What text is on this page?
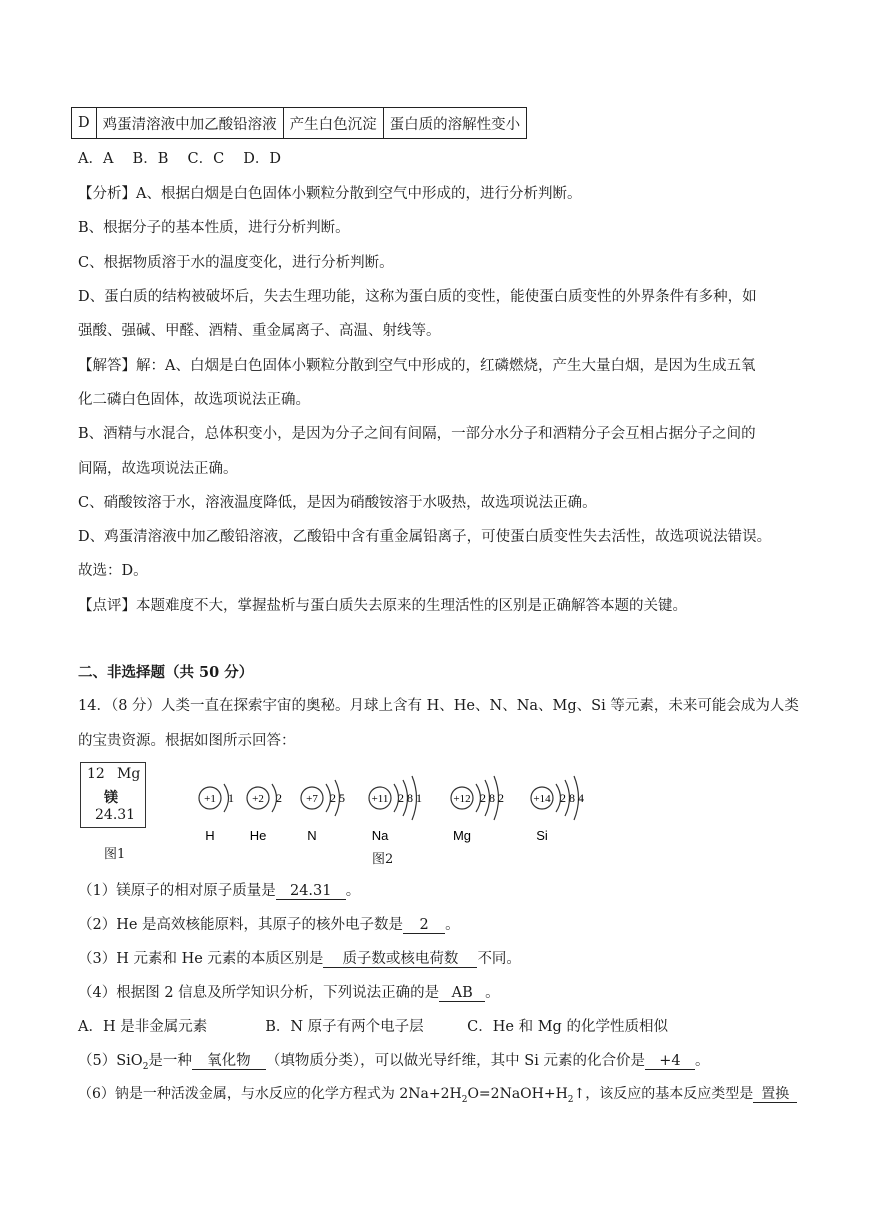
D	鸡蛋清溶液中加乙酸铅溶液	产生白色沉淀	蛋白质的溶解性变小
A．A　 B．B　 C．C　 D．D
【分析】A、根据白烟是白色固体小颗粒分散到空气中形成的，进行分析判断。
B、根据分子的基本性质，进行分析判断。
C、根据物质溶于水的温度变化，进行分析判断。
D、蛋白质的结构被破坏后，失去生理功能，这称为蛋白质的变性，能使蛋白质变性的外界条件有多种，如
强酸、强碱、甲醛、酒精、重金属离子、高温、射线等。
【解答】解：A、白烟是白色固体小颗粒分散到空气中形成的，红磷燃烧，产生大量白烟，是因为生成五氧
化二磷白色固体，故选项说法正确。
B、酒精与水混合，总体积变小，是因为分子之间有间隔，一部分水分子和酒精分子会互相占据分子之间的
间隔，故选项说法正确。
C、硝酸铵溶于水，溶液温度降低，是因为硝酸铵溶于水吸热，故选项说法正确。
D、鸡蛋清溶液中加乙酸铅溶液，乙酸铅中含有重金属铅离子，可使蛋白质变性失去活性，故选项说法错误。
故选：D。
【点评】本题难度不大，掌握盐析与蛋白质失去原来的生理活性的区别是正确解答本题的关键。
二、非选择题（共 50 分）
14．（8 分）人类一直在探索宇宙的奥秘。月球上含有 H、He、N、Na、Mg、Si 等元素，未来可能会成为人类
的宝贵资源。根据如图所示回答：
12 Mg
镁
24.31
图1
+1 1
H
+2 2
He
+7 2 5
N
+11 2 8 1
Na
+12 2 8 2
Mg
+14 2 8 4
Si
图2
（1）镁原子的相对原子质量是 24.31 。
（2）He 是高效核能原料，其原子的核外电子数是 2 。
（3）H 元素和 He 元素的本质区别是 质子数或核电荷数 不同。
（4）根据图 2 信息及所学知识分析，下列说法正确的是 AB 。
A．H 是非金属元素　　　　B．N 原子有两个电子层　　　C．He 和 Mg 的化学性质相似
（5）SiO$_2$是一种 氧化物 （填物质分类），可以做光导纤维，其中 Si 元素的化合价是 +4 。
（6）钠是一种活泼金属，与水反应的化学方程式为 $2Na+2H_2O=2NaOH+H_2↑$，该反应的基本反应类型是 置换
